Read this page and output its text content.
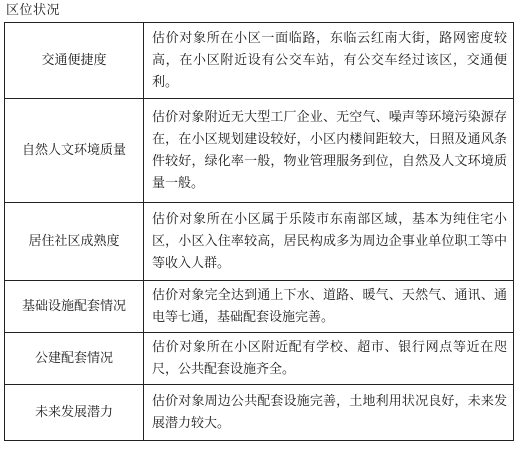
区位状况
交通便捷度	估价对象所在小区一面临路，东临云红南大街，路网密度较高，在小区附近设有公交车站，有公交车经过该区，交通便利。
自然人文环境质量	估价对象附近无大型工厂企业、无空气、噪声等环境污染源存在，在小区规划建设较好，小区内楼间距较大，日照及通风条件较好，绿化率一般，物业管理服务到位，自然及人文环境质量一般。
居住社区成熟度	估价对象所在小区属于乐陵市东南部区域，基本为纯住宅小区，小区入住率较高，居民构成多为周边企事业单位职工等中等收入人群。
基础设施配套情况	估价对象完全达到通上下水、道路、暖气、天然气、通讯、通电等七通，基础配套设施完善。
公建配套情况	估价对象所在小区附近配有学校、超市、银行网点等近在咫尺，公共配套设施齐全。
未来发展潜力	估价对象周边公共配套设施完善，土地利用状况良好，未来发展潜力较大。
